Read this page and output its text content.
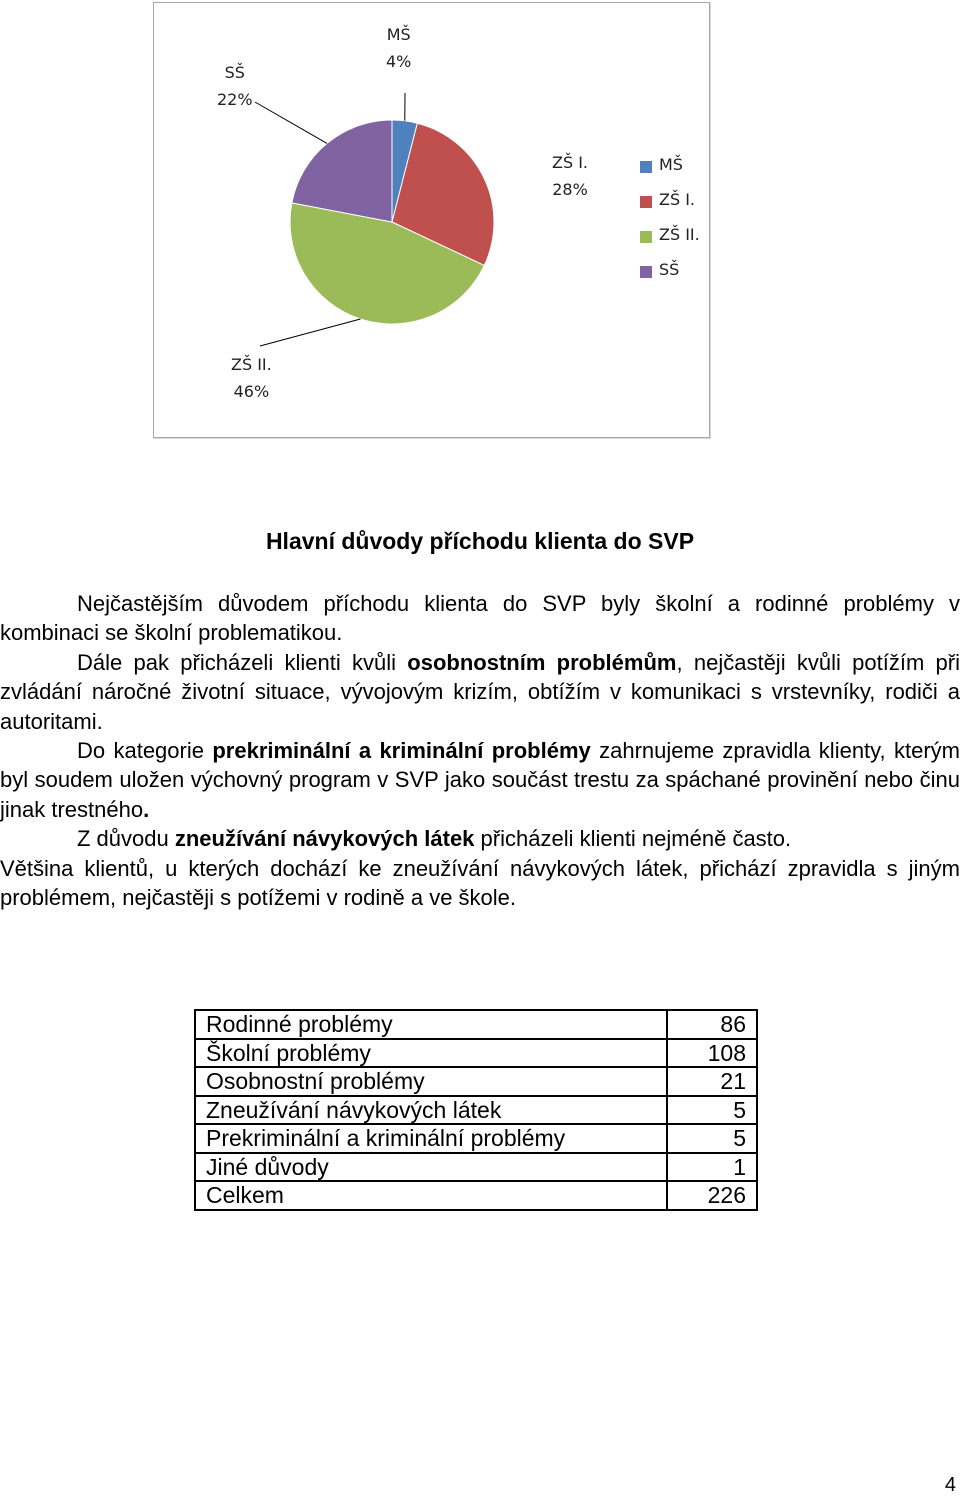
MŠ
4%
ZŠ I.
28%
ZŠ II.
46%
SŠ
22%
MŠ
ZŠ I.
ZŠ II.
SŠ
Hlavní důvody příchodu klienta do SVP

Nejčastějším důvodem příchodu klienta do SVP byly školní a rodinné problémy v kombinaci se školní problematikou.

Dále pak přicházeli klienti kvůli osobnostním problémům, nejčastěji kvůli potížím při zvládání náročné životní situace, vývojovým krizím, obtížím v komunikaci s vrstevníky, rodiči a autoritami.

Do kategorie prekriminální a kriminální problémy zahrnujeme zpravidla klienty, kterým byl soudem uložen výchovný program v SVP jako součást trestu za spáchané provinění nebo činu jinak trestného.

Z důvodu zneužívání návykových látek přicházeli klienti nejméně často.

Většina klientů, u kterých dochází ke zneužívání návykových látek, přichází zpravidla s jiným problémem, nejčastěji s potížemi v rodině a ve škole.

Rodinné problémy	86
Školní problémy	108
Osobnostní problémy	21
Zneužívání návykových látek	5
Prekriminální a kriminální problémy	5
Jiné důvody	1
Celkem	226
4
